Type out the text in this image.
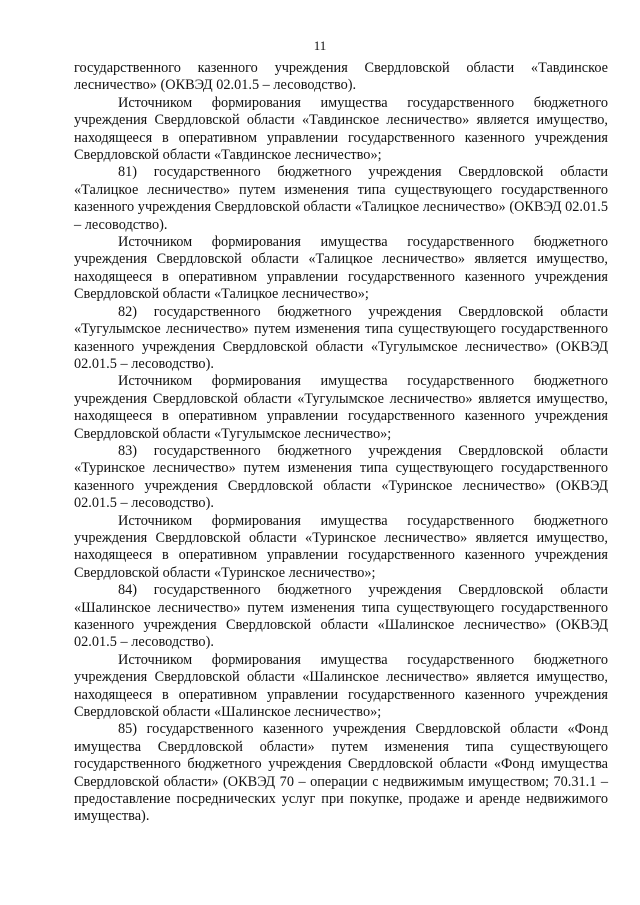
11

государственного казенного учреждения Свердловской области «Тавдинское лесничество» (ОКВЭД 02.01.5 – лесоводство).

Источником формирования имущества государственного бюджетного учреждения Свердловской области «Тавдинское лесничество» является имущество, находящееся в оперативном управлении государственного казенного учреждения Свердловской области «Тавдинское лесничество»;

81) государственного бюджетного учреждения Свердловской области «Талицкое лесничество» путем изменения типа существующего государственного казенного учреждения Свердловской области «Талицкое лесничество» (ОКВЭД 02.01.5 – лесоводство).

Источником формирования имущества государственного бюджетного учреждения Свердловской области «Талицкое лесничество» является имущество, находящееся в оперативном управлении государственного казенного учреждения Свердловской области «Талицкое лесничество»;

82) государственного бюджетного учреждения Свердловской области «Тугулымское лесничество» путем изменения типа существующего государственного казенного учреждения Свердловской области «Тугулымское лесничество» (ОКВЭД 02.01.5 – лесоводство).

Источником формирования имущества государственного бюджетного учреждения Свердловской области «Тугулымское лесничество» является имущество, находящееся в оперативном управлении государственного казенного учреждения Свердловской области «Тугулымское лесничество»;

83) государственного бюджетного учреждения Свердловской области «Туринское лесничество» путем изменения типа существующего государственного казенного учреждения Свердловской области «Туринское лесничество» (ОКВЭД 02.01.5 – лесоводство).

Источником формирования имущества государственного бюджетного учреждения Свердловской области «Туринское лесничество» является имущество, находящееся в оперативном управлении государственного казенного учреждения Свердловской области «Туринское лесничество»;

84) государственного бюджетного учреждения Свердловской области «Шалинское лесничество» путем изменения типа существующего государственного казенного учреждения Свердловской области «Шалинское лесничество» (ОКВЭД 02.01.5 – лесоводство).

Источником формирования имущества государственного бюджетного учреждения Свердловской области «Шалинское лесничество» является имущество, находящееся в оперативном управлении государственного казенного учреждения Свердловской области «Шалинское лесничество»;

85) государственного казенного учреждения Свердловской области «Фонд имущества Свердловской области» путем изменения типа существующего государственного бюджетного учреждения Свердловской области «Фонд имущества Свердловской области» (ОКВЭД 70 – операции с недвижимым имуществом; 70.31.1 – предоставление посреднических услуг при покупке, продаже и аренде недвижимого имущества).
